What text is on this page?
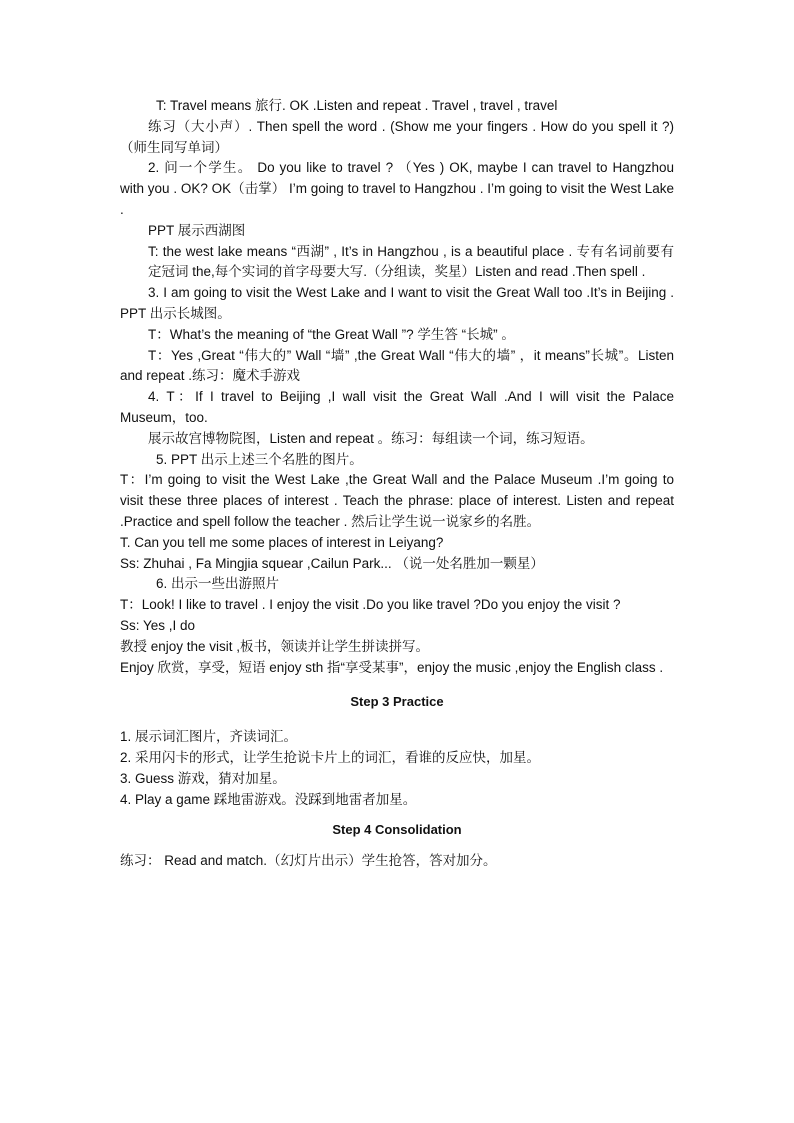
T: Travel means 旅行. OK .Listen and repeat . Travel , travel , travel

练习（大小声）. Then spell the word . (Show me your fingers . How do you spell it ?)（师生同写单词）

2. 问一个学生。 Do you like to travel ? （Yes ) OK, maybe I can travel to Hangzhou with you . OK? OK（击掌） I’m going to travel to Hangzhou . I’m going to visit the West Lake .

PPT 展示西湖图

T: the west lake means “西湖” , It’s in Hangzhou , is a beautiful place . 专有名词前要有定冠词 the,每个实词的首字母要大写.（分组读，奖星）Listen and read .Then spell .

3. I am going to visit the West Lake and I want to visit the Great Wall too .It’s in Beijing . PPT 出示长城图。

T：What’s the meaning of “the Great Wall ”? 学生答 “长城” 。

T：Yes ,Great “伟大的” Wall “墙” ,the Great Wall “伟大的墙” ，it means”长城”。Listen and repeat .练习：魔术手游戏

4. T：If I travel to Beijing ,I wall visit the Great Wall .And I will visit the Palace Museum，too.

展示故宫博物院图，Listen and repeat 。练习：每组读一个词，练习短语。

5. PPT 出示上述三个名胜的图片。

T：I’m going to visit the West Lake ,the Great Wall and the Palace Museum .I’m going to visit these three places of interest . Teach the phrase: place of interest. Listen and repeat .Practice and spell follow the teacher . 然后让学生说一说家乡的名胜。

T. Can you tell me some places of interest in Leiyang?

Ss: Zhuhai , Fa Mingjia squear ,Cailun Park... （说一处名胜加一颗星）

6. 出示一些出游照片

T：Look! I like to travel . I enjoy the visit .Do you like travel ?Do you enjoy the visit ?

Ss: Yes ,I do

教授 enjoy the visit ,板书，领读并让学生拼读拼写。

Enjoy 欣赏，享受，短语 enjoy sth 指“享受某事”，enjoy the music ,enjoy the English class .

Step 3 Practice

1. 展示词汇图片，齐读词汇。

2. 采用闪卡的形式，让学生抢说卡片上的词汇，看谁的反应快，加星。

3. Guess 游戏，猜对加星。

4. Play a game 踩地雷游戏。没踩到地雷者加星。

Step 4 Consolidation

练习： Read and match.（幻灯片出示）学生抢答，答对加分。
